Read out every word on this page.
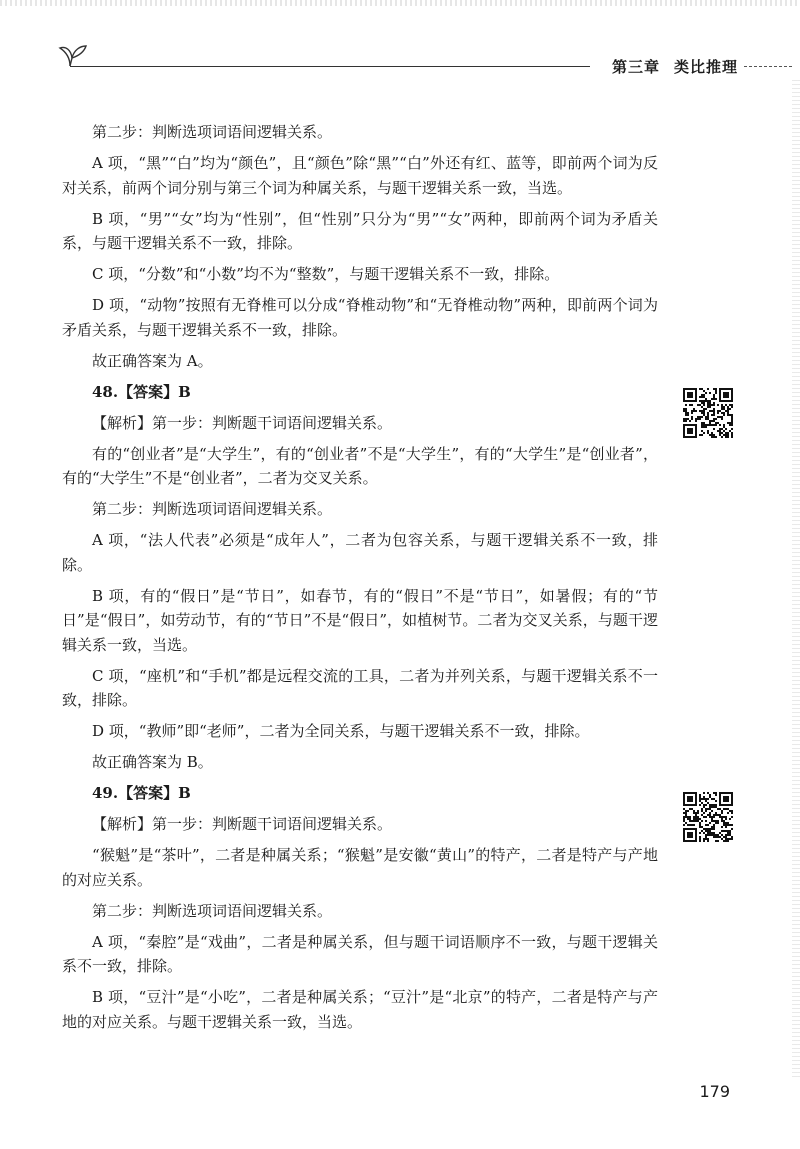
第三章 类比推理

第二步：判断选项词语间逻辑关系。

A 项，“黑”“白”均为“颜色”，且“颜色”除“黑”“白”外还有红、蓝等，即前两个词为反对关系，前两个词分别与第三个词为种属关系，与题干逻辑关系一致，当选。

B 项，“男”“女”均为“性别”，但“性别”只分为“男”“女”两种，即前两个词为矛盾关系，与题干逻辑关系不一致，排除。

C 项，“分数”和“小数”均不为“整数”，与题干逻辑关系不一致，排除。

D 项，“动物”按照有无脊椎可以分成“脊椎动物”和“无脊椎动物”两种，即前两个词为矛盾关系，与题干逻辑关系不一致，排除。

故正确答案为 A。

48.【答案】B

【解析】第一步：判断题干词语间逻辑关系。

有的“创业者”是“大学生”，有的“创业者”不是“大学生”，有的“大学生”是“创业者”，有的“大学生”不是“创业者”，二者为交叉关系。

第二步：判断选项词语间逻辑关系。

A 项，“法人代表”必须是“成年人”，二者为包容关系，与题干逻辑关系不一致，排除。

B 项，有的“假日”是“节日”，如春节，有的“假日”不是“节日”，如暑假；有的“节日”是“假日”，如劳动节，有的“节日”不是“假日”，如植树节。二者为交叉关系，与题干逻辑关系一致，当选。

C 项，“座机”和“手机”都是远程交流的工具，二者为并列关系，与题干逻辑关系不一致，排除。

D 项，“教师”即“老师”，二者为全同关系，与题干逻辑关系不一致，排除。

故正确答案为 B。

49.【答案】B

【解析】第一步：判断题干词语间逻辑关系。

“猴魁”是“茶叶”，二者是种属关系；“猴魁”是安徽“黄山”的特产，二者是特产与产地的对应关系。

第二步：判断选项词语间逻辑关系。

A 项，“秦腔”是“戏曲”，二者是种属关系，但与题干词语顺序不一致，与题干逻辑关系不一致，排除。

B 项，“豆汁”是“小吃”，二者是种属关系；“豆汁”是“北京”的特产，二者是特产与产地的对应关系。与题干逻辑关系一致，当选。

179
